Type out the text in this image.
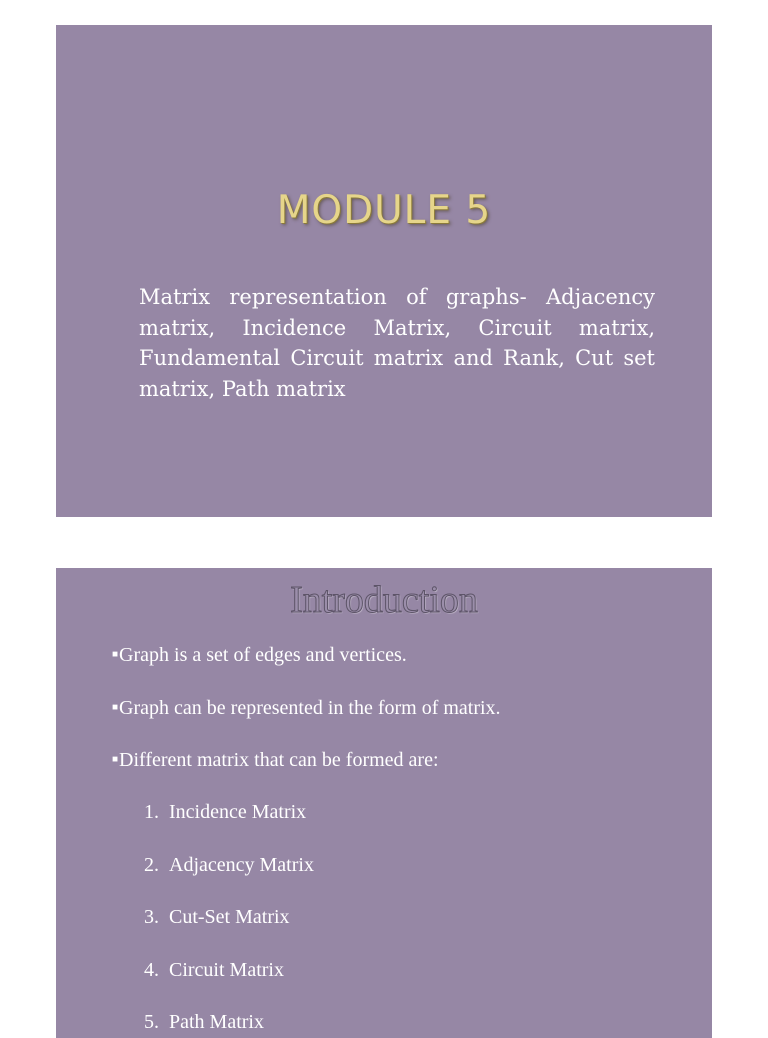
MODULE 5

Matrix representation of graphs- Adjacency matrix, Incidence Matrix, Circuit matrix, Fundamental Circuit matrix and Rank, Cut set matrix, Path matrix

Introduction
■Graph is a set of edges and vertices.
■Graph can be represented in the form of matrix.
■Different matrix that can be formed are:
1. Incidence Matrix
2. Adjacency Matrix
3. Cut-Set Matrix
4. Circuit Matrix
5. Path Matrix
